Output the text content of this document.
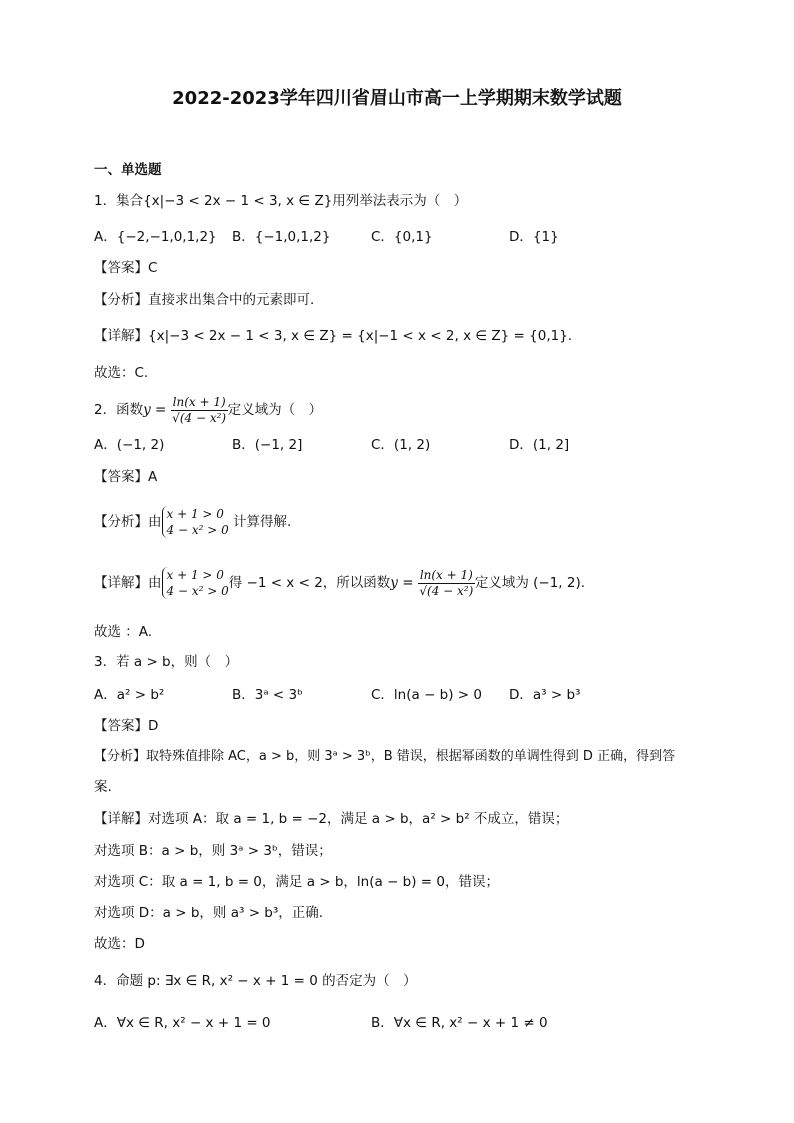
2022-2023学年四川省眉山市高一上学期期末数学试题
一、单选题
1．集合{x|−3 < 2x − 1 < 3, x ∈ Z}用列举法表示为（　）
A．{−2,−1,0,1,2} B．{−1,0,1,2}	C．{0,1}	D．{1}
【答案】C
【分析】直接求出集合中的元素即可.
【详解】{x|−3 < 2x − 1 < 3, x ∈ Z} = {x|−1 < x < 2, x ∈ Z} = {0,1}.
故选：C.
2．函数$y = \frac{\ln(x + 1)}{\text{√(4 − x²)}}$ 定义域为（　）
A．(−1, 2)	B．(−1, 2]	C．(1, 2)	D．(1, 2]
【答案】A
【分析】由 x + 1 > 0
4 − x² > 0 计算得解.
【详解】由 x + 1 > 0
4 − x² > 0 得 −1 < x < 2，所以函数$y = \frac{\ln(x + 1)}{\text{√(4 − x²)}}$ 定义域为 (−1, 2).
故选 ：A.
3．若 a > b，则（　）
A．a² > b²	B．3ᵃ < 3ᵇ	C．ln(a − b) > 0 D．a³ > b³
【答案】D
【分析】取特殊值排除 AC，a > b，则 3ᵃ > 3ᵇ，B 错误，根据幂函数的单调性得到 D 正确，得到答
案.
【详解】对选项 A：取 a = 1, b = −2，满足 a > b，a² > b² 不成立，错误；
对选项 B：a > b，则 3ᵃ > 3ᵇ，错误；
对选项 C：取 a = 1, b = 0，满足 a > b，ln(a − b) = 0，错误；
对选项 D：a > b，则 a³ > b³，正确.
故选：D
4．命题 p: ∃x ∈ R, x² − x + 1 = 0 的否定为（　）
A．∀x ∈ R, x² − x + 1 = 0	B．∀x ∈ R, x² − x + 1 ≠ 0
